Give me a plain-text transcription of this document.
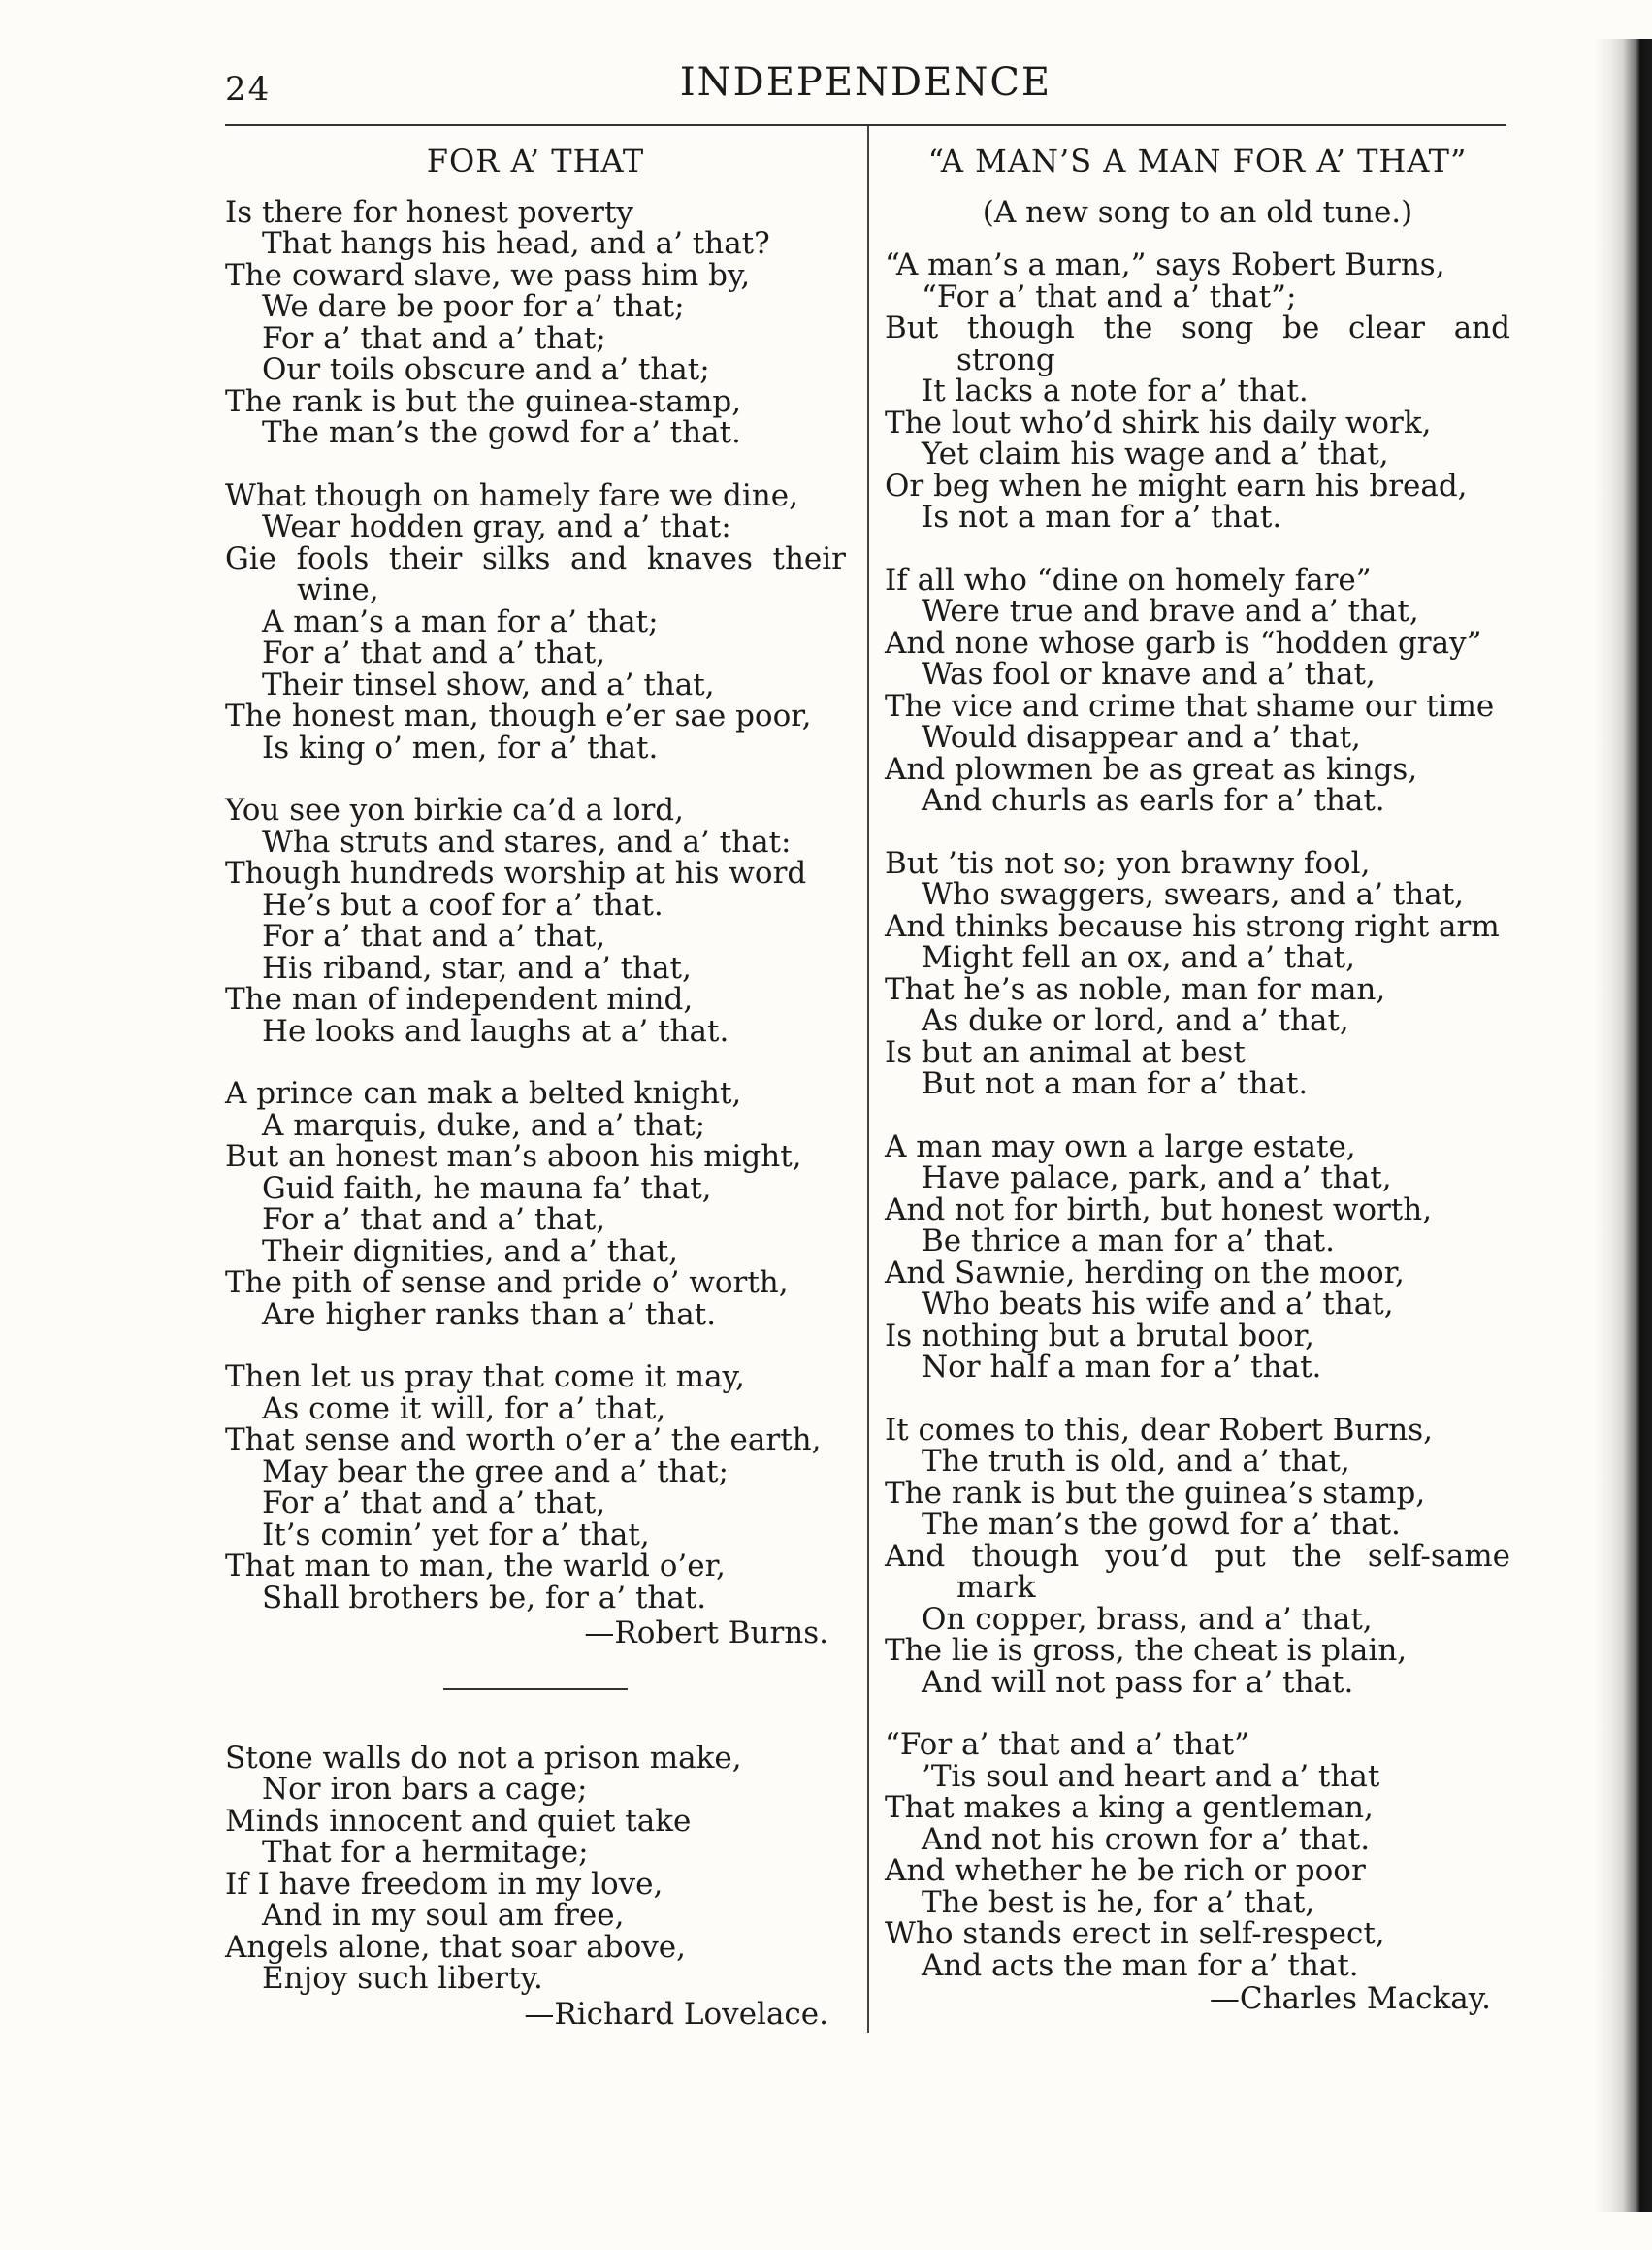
24	INDEPENDENCE
FOR A’ THAT
Is there for honest poverty
That hangs his head, and a’ that?
The coward slave, we pass him by,
We dare be poor for a’ that;
For a’ that and a’ that;
Our toils obscure and a’ that;
The rank is but the guinea-stamp,
The man’s the gowd for a’ that.
What though on hamely fare we dine,
Wear hodden gray, and a’ that:
Gie fools their silks and knaves their
wine,
A man’s a man for a’ that;
For a’ that and a’ that,
Their tinsel show, and a’ that,
The honest man, though e’er sae poor,
Is king o’ men, for a’ that.
You see yon birkie ca’d a lord,
Wha struts and stares, and a’ that:
Though hundreds worship at his word
He’s but a coof for a’ that.
For a’ that and a’ that,
His riband, star, and a’ that,
The man of independent mind,
He looks and laughs at a’ that.
A prince can mak a belted knight,
A marquis, duke, and a’ that;
But an honest man’s aboon his might,
Guid faith, he mauna fa’ that,
For a’ that and a’ that,
Their dignities, and a’ that,
The pith of sense and pride o’ worth,
Are higher ranks than a’ that.
Then let us pray that come it may,
As come it will, for a’ that,
That sense and worth o’er a’ the earth,
May bear the gree and a’ that;
For a’ that and a’ that,
It’s comin’ yet for a’ that,
That man to man, the warld o’er,
Shall brothers be, for a’ that.
—Robert Burns.
Stone walls do not a prison make,
Nor iron bars a cage;
Minds innocent and quiet take
That for a hermitage;
If I have freedom in my love,
And in my soul am free,
Angels alone, that soar above,
Enjoy such liberty.
—Richard Lovelace.
“A MAN’S A MAN FOR A’ THAT”
(A new song to an old tune.)
“A man’s a man,” says Robert Burns,
“For a’ that and a’ that”;
But though the song be clear and
strong
It lacks a note for a’ that.
The lout who’d shirk his daily work,
Yet claim his wage and a’ that,
Or beg when he might earn his bread,
Is not a man for a’ that.
If all who “dine on homely fare”
Were true and brave and a’ that,
And none whose garb is “hodden gray”
Was fool or knave and a’ that,
The vice and crime that shame our time
Would disappear and a’ that,
And plowmen be as great as kings,
And churls as earls for a’ that.
But ’tis not so; yon brawny fool,
Who swaggers, swears, and a’ that,
And thinks because his strong right arm
Might fell an ox, and a’ that,
That he’s as noble, man for man,
As duke or lord, and a’ that,
Is but an animal at best
But not a man for a’ that.
A man may own a large estate,
Have palace, park, and a’ that,
And not for birth, but honest worth,
Be thrice a man for a’ that.
And Sawnie, herding on the moor,
Who beats his wife and a’ that,
Is nothing but a brutal boor,
Nor half a man for a’ that.
It comes to this, dear Robert Burns,
The truth is old, and a’ that,
The rank is but the guinea’s stamp,
The man’s the gowd for a’ that.
And though you’d put the self-same
mark
On copper, brass, and a’ that,
The lie is gross, the cheat is plain,
And will not pass for a’ that.
“For a’ that and a’ that”
’Tis soul and heart and a’ that
That makes a king a gentleman,
And not his crown for a’ that.
And whether he be rich or poor
The best is he, for a’ that,
Who stands erect in self-respect,
And acts the man for a’ that.
—Charles Mackay.
